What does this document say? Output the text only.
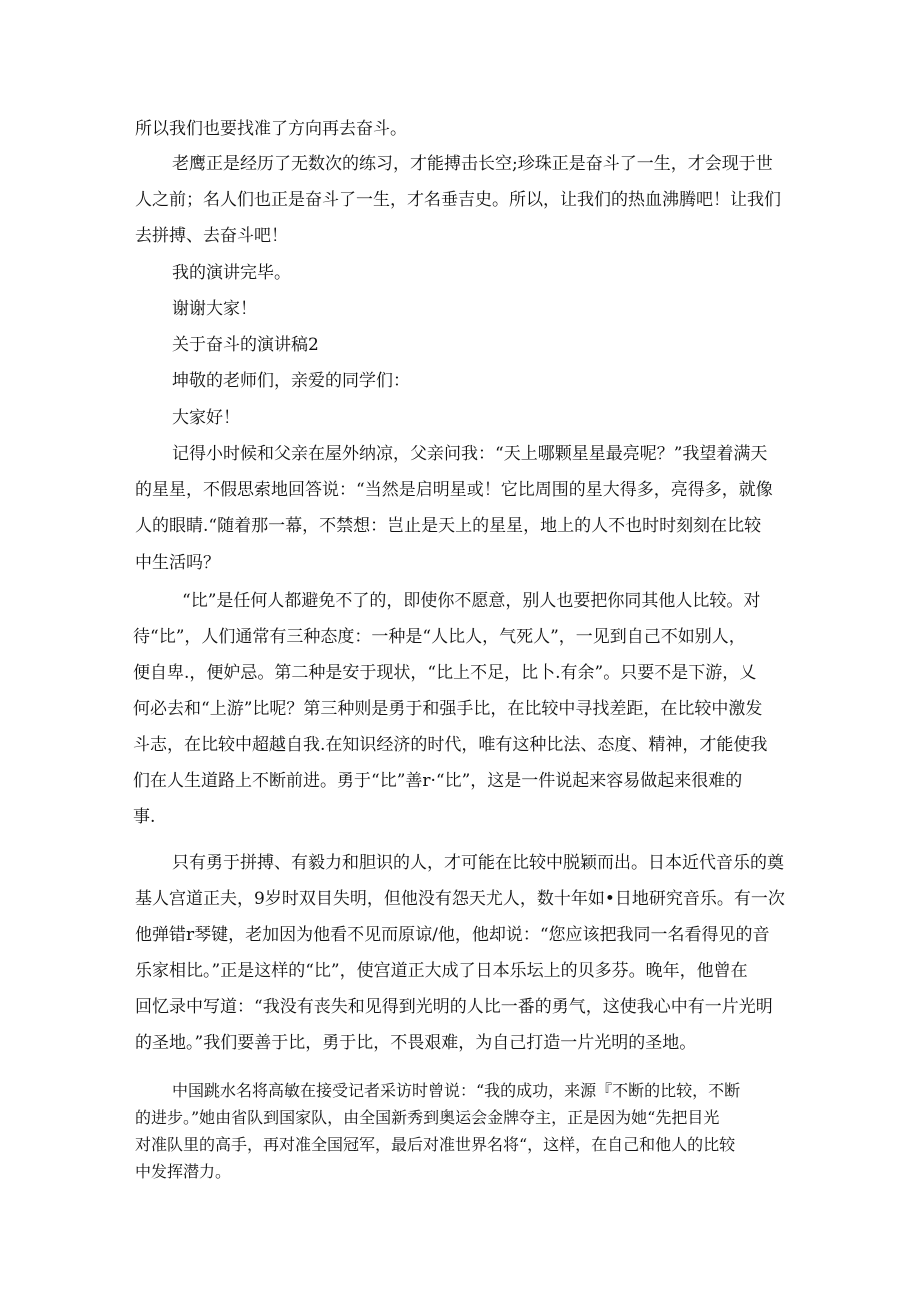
所以我们也要找准了方向再去奋斗。
老鹰正是经历了无数次的练习，才能搏击长空;珍珠正是奋斗了一生，才会现于世
人之前；名人们也正是奋斗了一生，才名垂吉史。所以，让我们的热血沸腾吧！让我们
去拼搏、去奋斗吧！
我的演讲完毕。
谢谢大家！
关于奋斗的演讲稿2
坤敬的老师们，亲爱的同学们：
大家好！
记得小时候和父亲在屋外纳凉，父亲问我：“天上哪颗星星最亮呢？”我望着满天
的星星，不假思索地回答说：“当然是启明星或！它比周围的星大得多，亮得多，就像
人的眼睛.“随着那一幕，不禁想：岂止是天上的星星，地上的人不也时时刻刻在比较
中生活吗？
“比”是任何人都避免不了的，即使你不愿意，别人也要把你同其他人比较。对
待“比”，人们通常有三种态度：一种是“人比人，气死人”，一见到自己不如别人，
便自卑.，便妒忌。第二种是安于现状，“比上不足，比卜.有余”。只要不是下游，乂
何必去和“上游”比呢？第三种则是勇于和强手比，在比较中寻找差距，在比较中激发
斗志，在比较中超越自我.在知识经济的时代，唯有这种比法、态度、精神，才能使我
们在人生道路上不断前进。勇于“比”善r·“比”，这是一件说起来容易做起来很难的
事.
只有勇于拼搏、有毅力和胆识的人，才可能在比较中脱颖而出。日本近代音乐的奠
基人宫道正夫，9岁时双目失明，但他没有怨天尤人，数十年如•日地研究音乐。有一次
他弹错r琴键，老加因为他看不见而原谅/他，他却说：“您应该把我同一名看得见的音
乐家相比。”正是这样的“比”，使宫道正大成了日本乐坛上的贝多芬。晚年，他曾在
回忆录中写道：“我没有丧失和见得到光明的人比一番的勇气，这使我心中有一片光明
的圣地。”我们要善于比，勇于比，不畏艰难，为自己打造一片光明的圣地。
中国跳水名将高敏在接受记者采访时曾说：“我的成功，来源『不断的比较，不断
的进步。”她由省队到国家队，由全国新秀到奥运会金牌夺主，正是因为她“先把目光
对准队里的高手，再对准全国冠军，最后对准世界名将“，这样，在自己和他人的比较
中发挥潜力。
